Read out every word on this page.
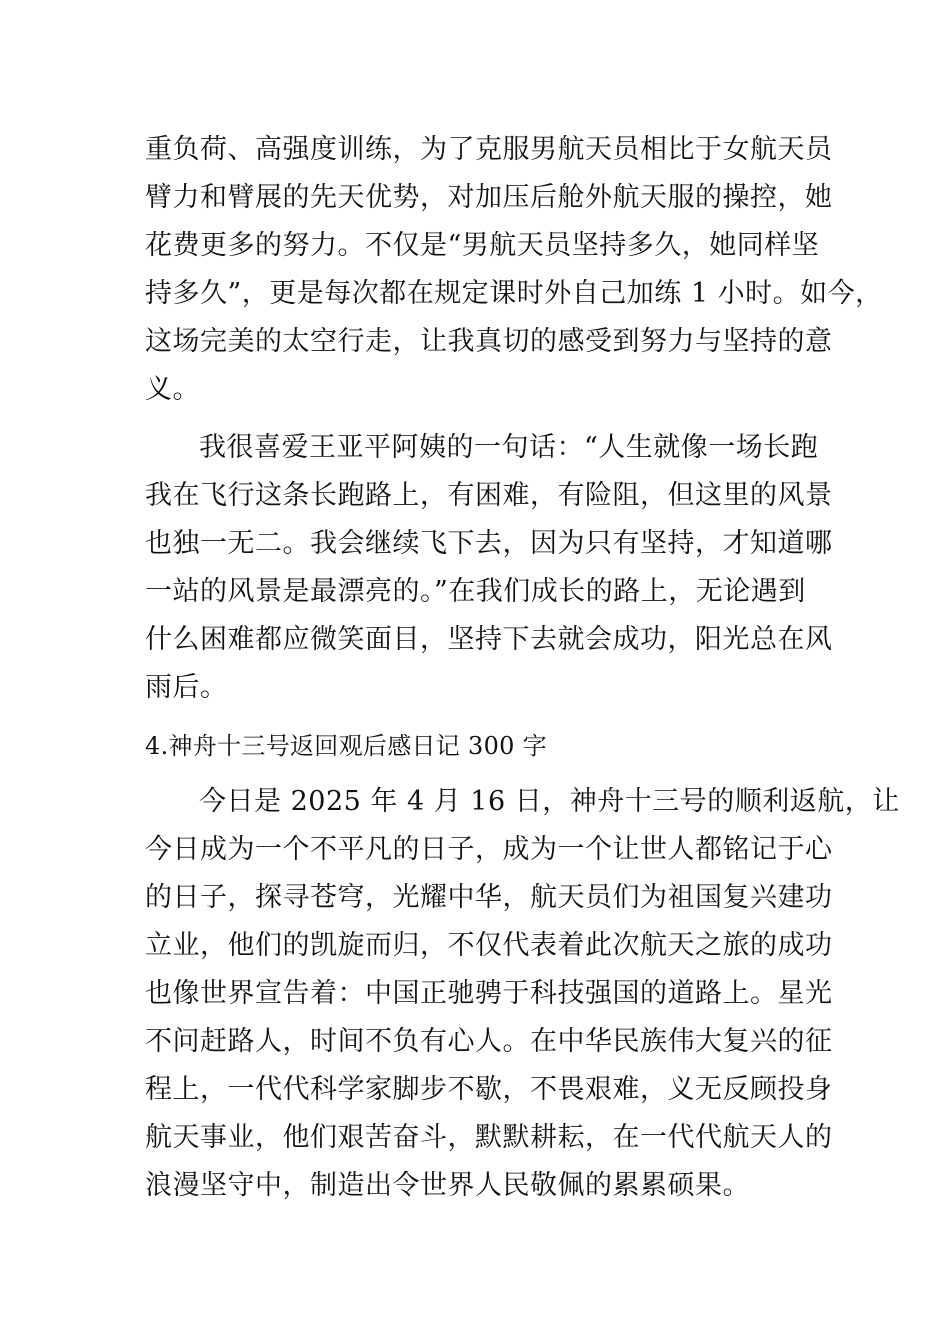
重负荷、高强度训练，为了克服男航天员相比于女航天员
臂力和臂展的先天优势，对加压后舱外航天服的操控，她
花费更多的努力。不仅是“男航天员坚持多久，她同样坚
持多久”，更是每次都在规定课时外自己加练 1 小时。如今，
这场完美的太空行走，让我真切的感受到努力与坚持的意
义。
我很喜爱王亚平阿姨的一句话：“人生就像一场长跑
我在飞行这条长跑路上，有困难，有险阻，但这里的风景
也独一无二。我会继续飞下去，因为只有坚持，才知道哪
一站的风景是最漂亮的。”在我们成长的路上，无论遇到
什么困难都应微笑面目，坚持下去就会成功，阳光总在风
雨后。
4.神舟十三号返回观后感日记 300 字
今日是 2025 年 4 月 16 日，神舟十三号的顺利返航，让
今日成为一个不平凡的日子，成为一个让世人都铭记于心
的日子，探寻苍穹，光耀中华，航天员们为祖国复兴建功
立业，他们的凯旋而归，不仅代表着此次航天之旅的成功
也像世界宣告着：中国正驰骋于科技强国的道路上。星光
不问赶路人，时间不负有心人。在中华民族伟大复兴的征
程上，一代代科学家脚步不歇，不畏艰难，义无反顾投身
航天事业，他们艰苦奋斗，默默耕耘，在一代代航天人的
浪漫坚守中，制造出令世界人民敬佩的累累硕果。
